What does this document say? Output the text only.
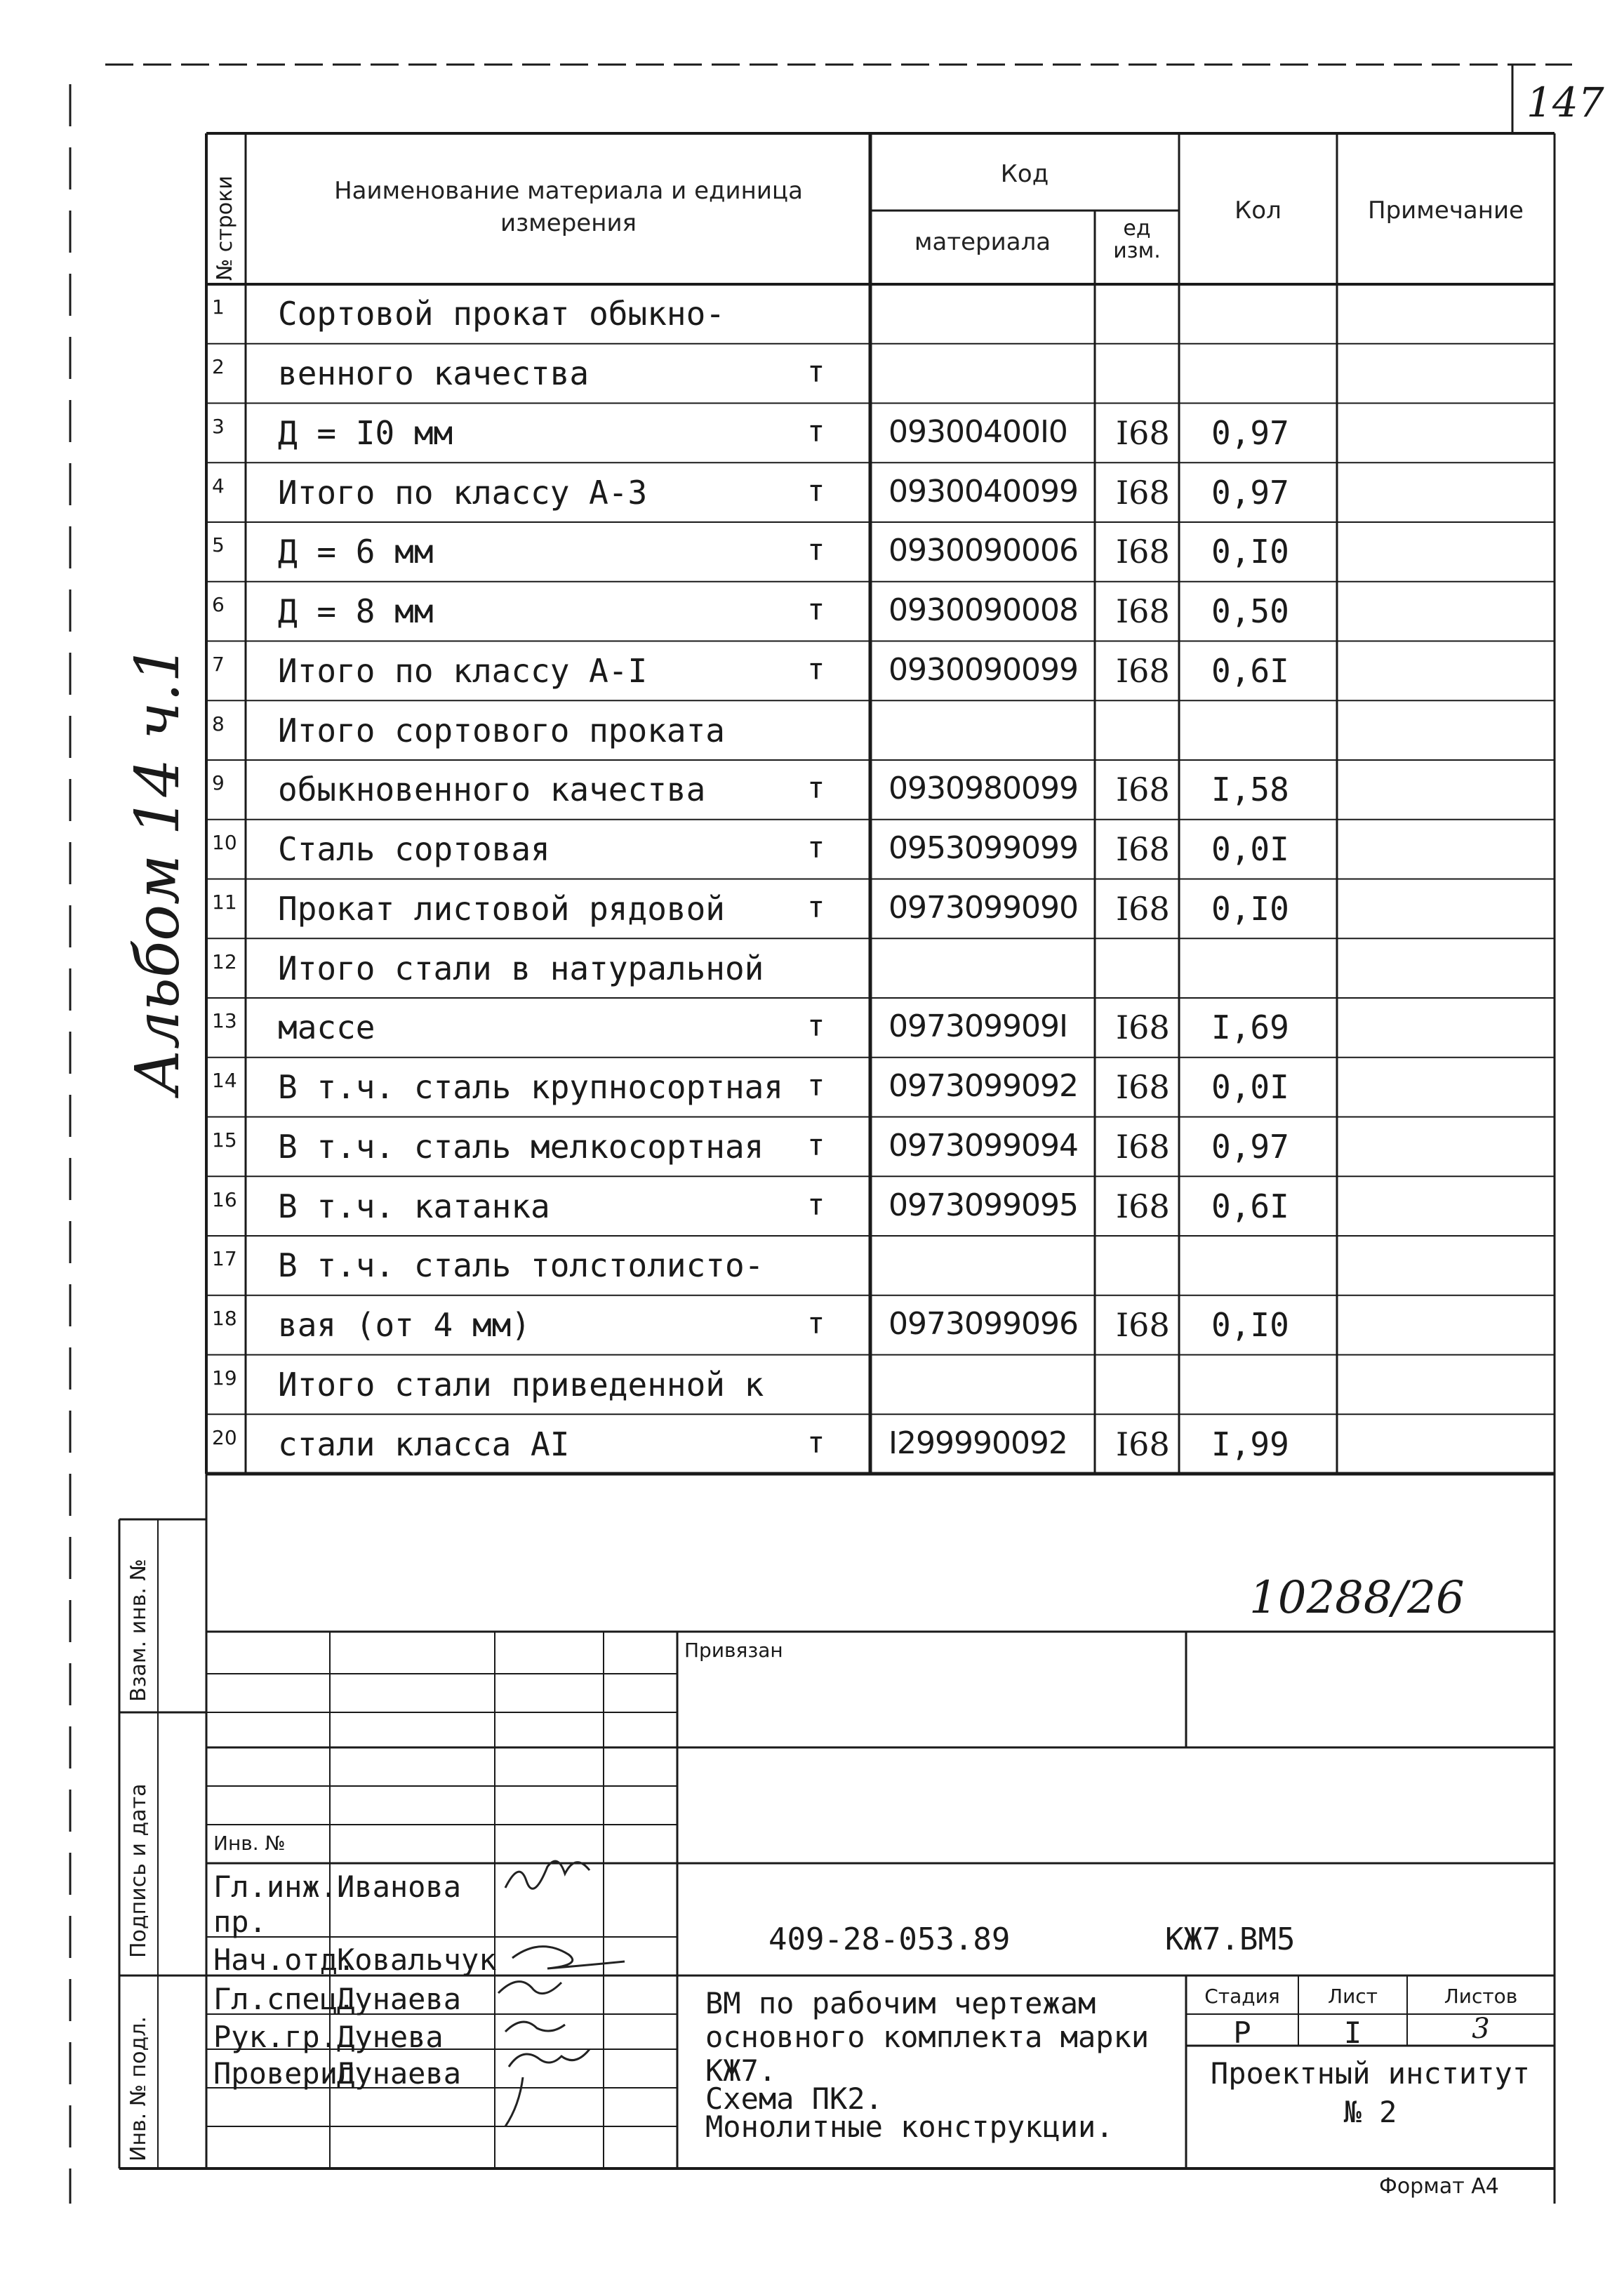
147
Альбом 14 ч.1
№ строки	Наименование материала и единица измерения
Код
материала	ед изм.
Кол	Примечание
1 Сортовой прокат обыкно-
2 венного качества	т
3 Д = I0 мм	т 09300400I0 I68 0,97
4 Итого по классу А-3	т 0930040099 I68 0,97
5 Д = 6 мм	т 0930090006 I68 0,I0
6 Д = 8 мм	т 0930090008 I68 0,50
7 Итого по классу А-I	т 0930090099 I68 0,6I
8 Итого сортового проката
9 обыкновенного качества	т 0930980099 I68 I,58
10 Сталь сортовая	т 0953099099 I68 0,0I
11 Прокат листовой рядовой	т 0973099090 I68 0,I0
12 Итого стали в натуральной
13 массе	т 097309909I I68 I,69
14 В т.ч. сталь крупносортная т 0973099092 I68 0,0I
15 В т.ч. сталь мелкосортная т 0973099094 I68 0,97
16 В т.ч. катанка	т 0973099095 I68 0,6I
17 В т.ч. сталь толстолисто-
18 вая (от 4 мм)	т 0973099096 I68 0,I0
19 Итого стали приведенной к
20 стали класса АI	т I299990092 I68 I,99
Взам. инв. №
Подпись и дата
Инв. № подл.
10288/26
Привязан
Инв. №
409-28-053.89	КЖ7.ВМ5
Гл.инж.
Иванова
пр.
Нач.отд.
Ковальчук
Гл.спец.
Дунаева
Рук.гр.
Дунева
Проверил
Дунаева
ВМ по рабочим чертежам
основного комплекта марки
КЖ7.
Схема ПК2.
Монолитные конструкции.
Стадия	Лист	Листов
Р	I	3
Проектный институт
№ 2
Формат А4
